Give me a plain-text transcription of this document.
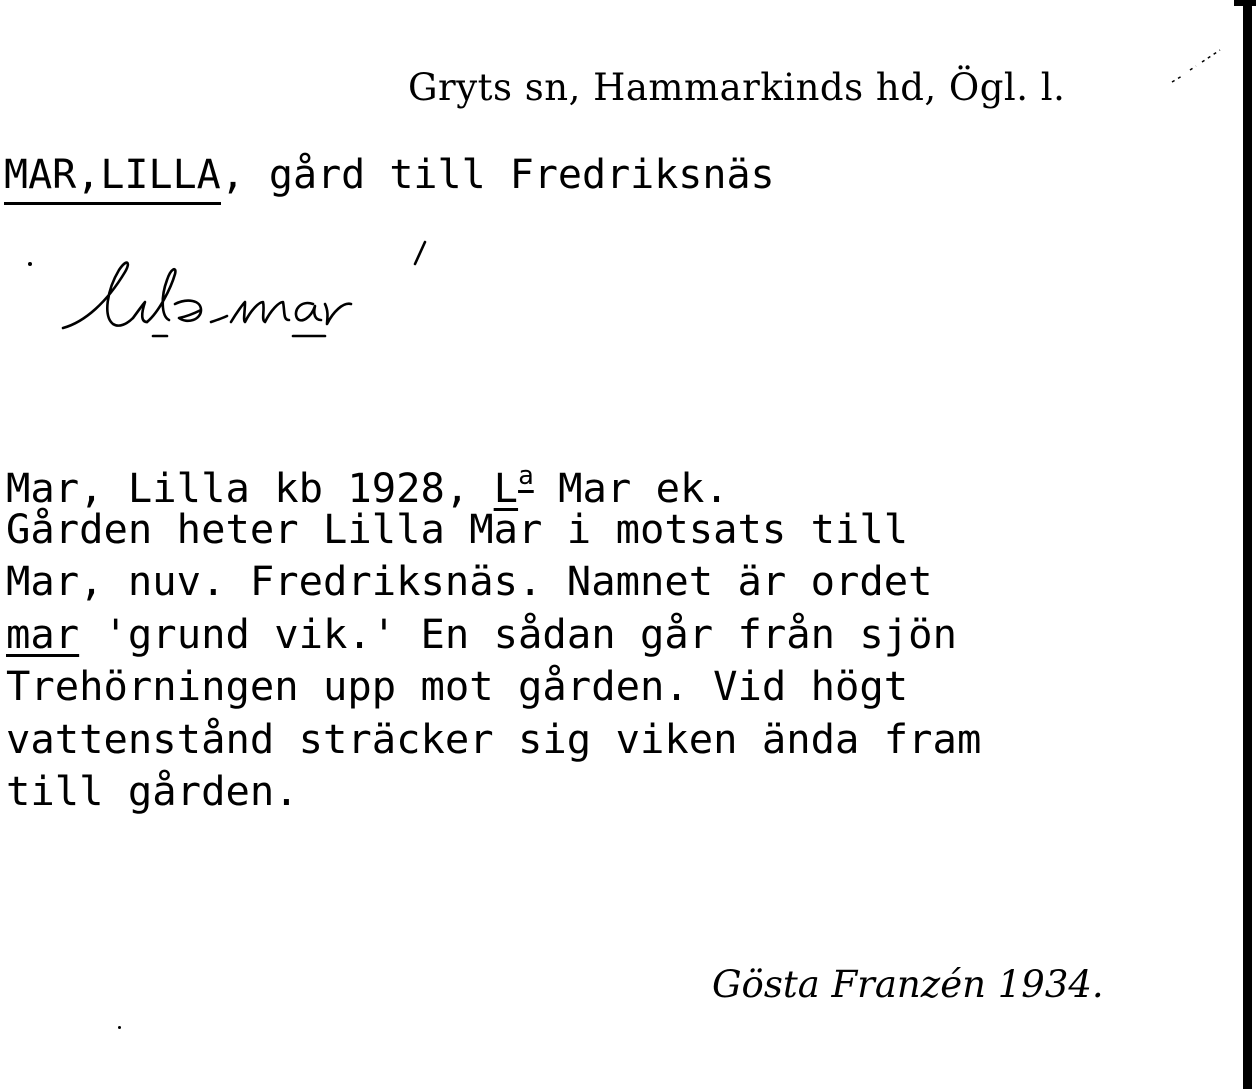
Gryts sn, Hammarkinds hd, Ögl. l.
MAR,LILLA, gård till Fredriksnäs
Mar, Lilla kb 1928, $L^a$ Mar ek.
Gården heter Lilla Mar i motsats till
Mar, nuv. Fredriksnäs. Namnet är ordet
mar 'grund vik.' En sådan går från sjön
Trehörningen upp mot gården. Vid högt
vattenstånd sträcker sig viken ända fram
till gården.
Gösta Franzén 1934.
